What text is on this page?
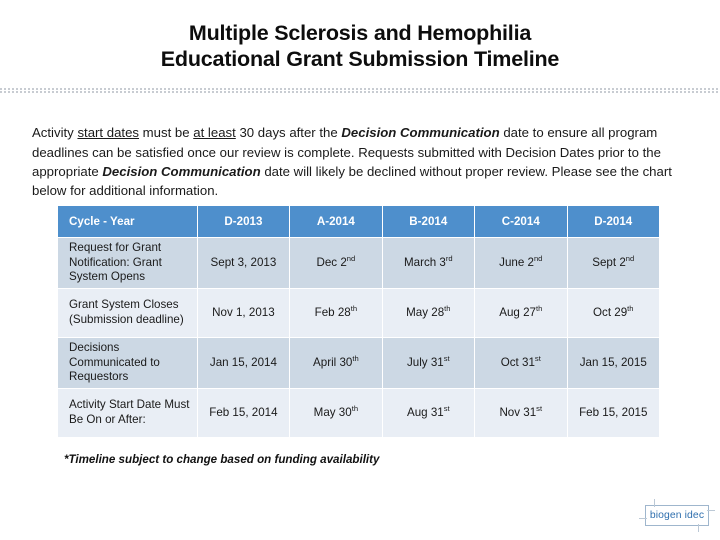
Multiple Sclerosis and Hemophilia
Educational Grant Submission Timeline

Activity start dates must be at least 30 days after the Decision Communication date to ensure all program deadlines can be satisfied once our review is complete. Requests submitted with Decision Dates prior to the appropriate Decision Communication date will likely be declined without proper review. Please see the chart below for additional information.

Cycle - Year	D-2013	A-2014	B-2014	C-2014	D-2014
Request for Grant Notification: Grant System Opens	Sept 3, 2013	Dec 2nd	March 3rd	June 2nd	Sept 2nd
Grant System Closes (Submission deadline)	Nov 1, 2013	Feb 28th	May 28th	Aug 27th	Oct 29th
Decisions Communicated to Requestors	Jan 15, 2014	April 30th	July 31st	Oct 31st	Jan 15, 2015
Activity Start Date Must Be On or After:	Feb 15, 2014	May 30th	Aug 31st	Nov 31st	Feb 15, 2015
*Timeline subject to change based on funding availability
biogen idec
